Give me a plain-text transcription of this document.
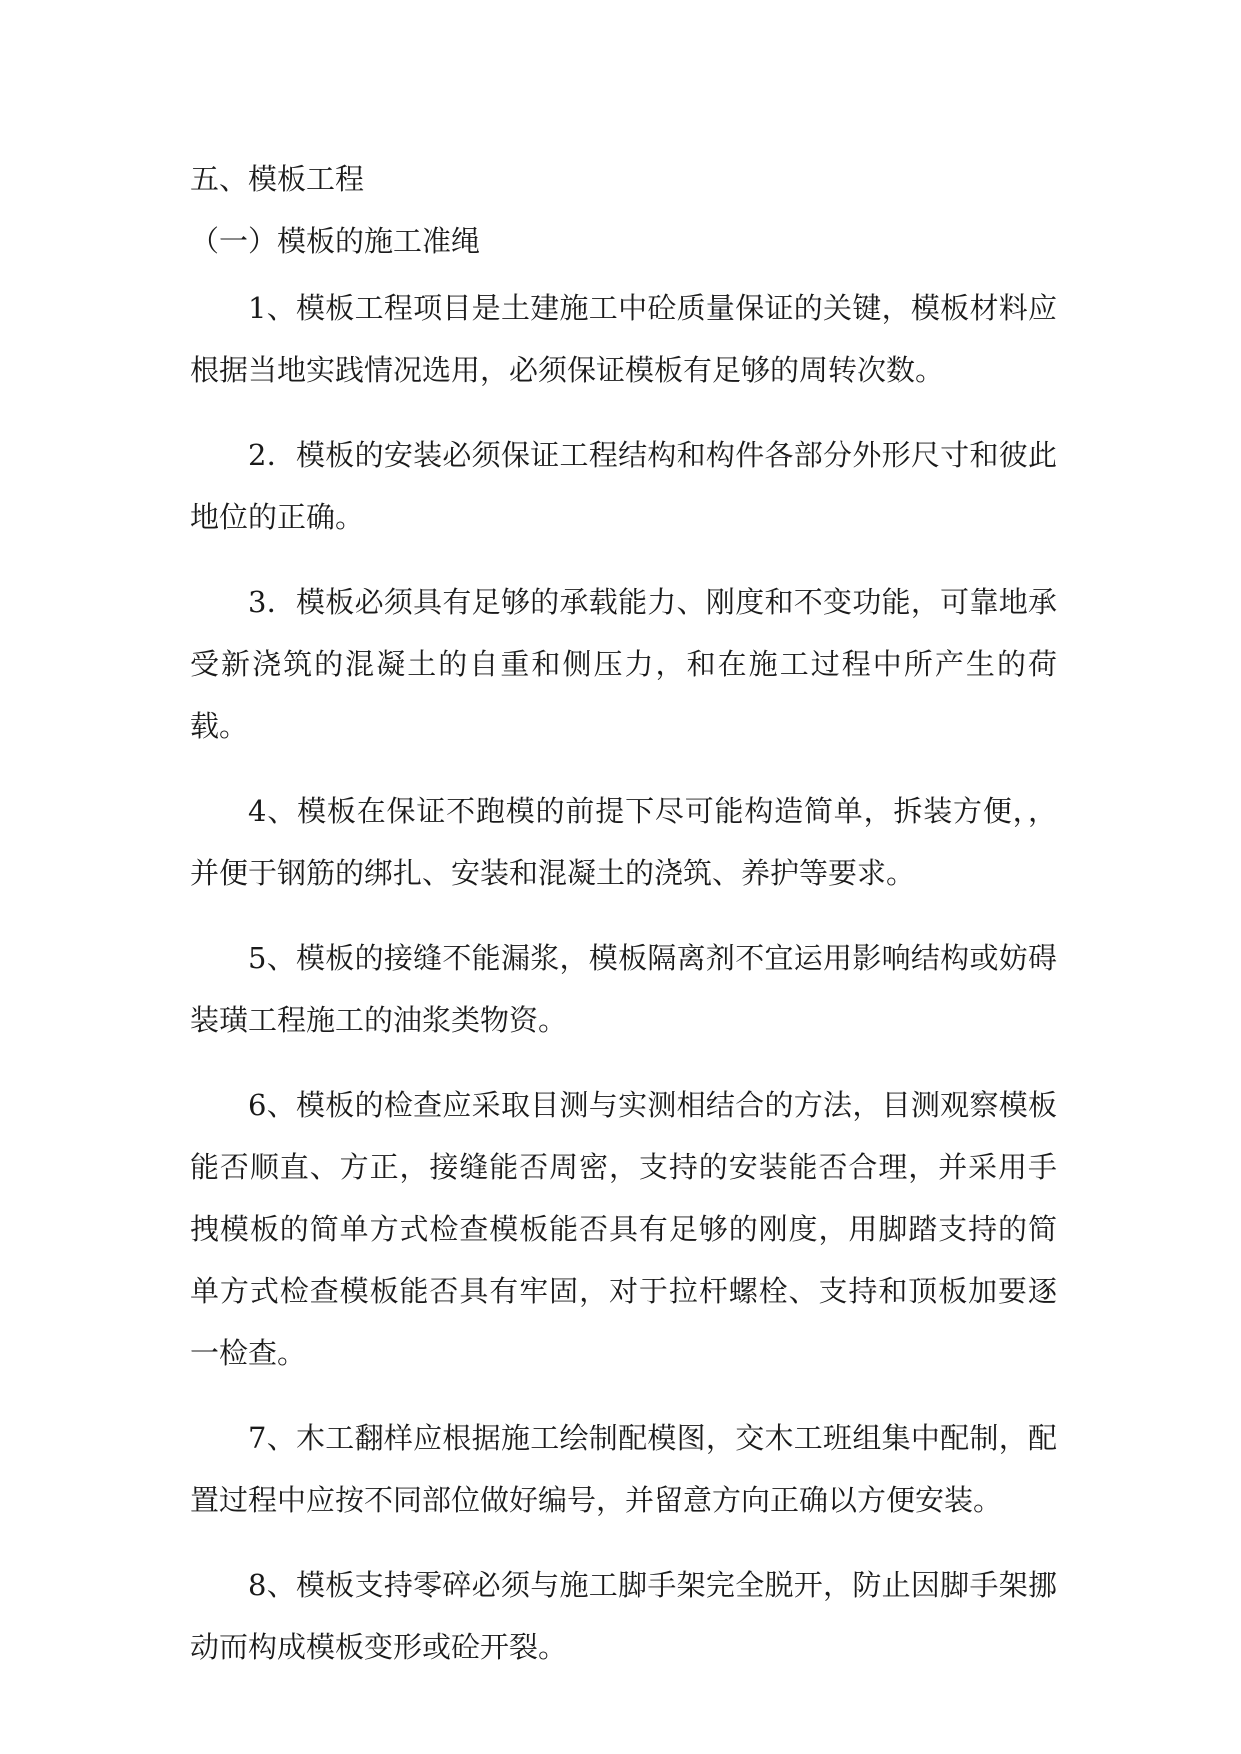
五、模板工程
（一）模板的施工准绳

1、模板工程项目是土建施工中砼质量保证的关键，模板材料应根据当地实践情况选用，必须保证模板有足够的周转次数。

2．模板的安装必须保证工程结构和构件各部分外形尺寸和彼此地位的正确。

3．模板必须具有足够的承载能力、刚度和不变功能，可靠地承受新浇筑的混凝土的自重和侧压力，和在施工过程中所产生的荷载。

4、模板在保证不跑模的前提下尽可能构造简单，拆装方便，，并便于钢筋的绑扎、安装和混凝土的浇筑、养护等要求。

5、模板的接缝不能漏浆，模板隔离剂不宜运用影响结构或妨碍装璜工程施工的油浆类物资。

6、模板的检查应采取目测与实测相结合的方法，目测观察模板能否顺直、方正，接缝能否周密，支持的安装能否合理，并采用手拽模板的简单方式检查模板能否具有足够的刚度，用脚踏支持的简单方式检查模板能否具有牢固，对于拉杆螺栓、支持和顶板加要逐一检查。

7、木工翻样应根据施工绘制配模图，交木工班组集中配制，配置过程中应按不同部位做好编号，并留意方向正确以方便安装。

8、模板支持零碎必须与施工脚手架完全脱开，防止因脚手架挪动而构成模板变形或砼开裂。
